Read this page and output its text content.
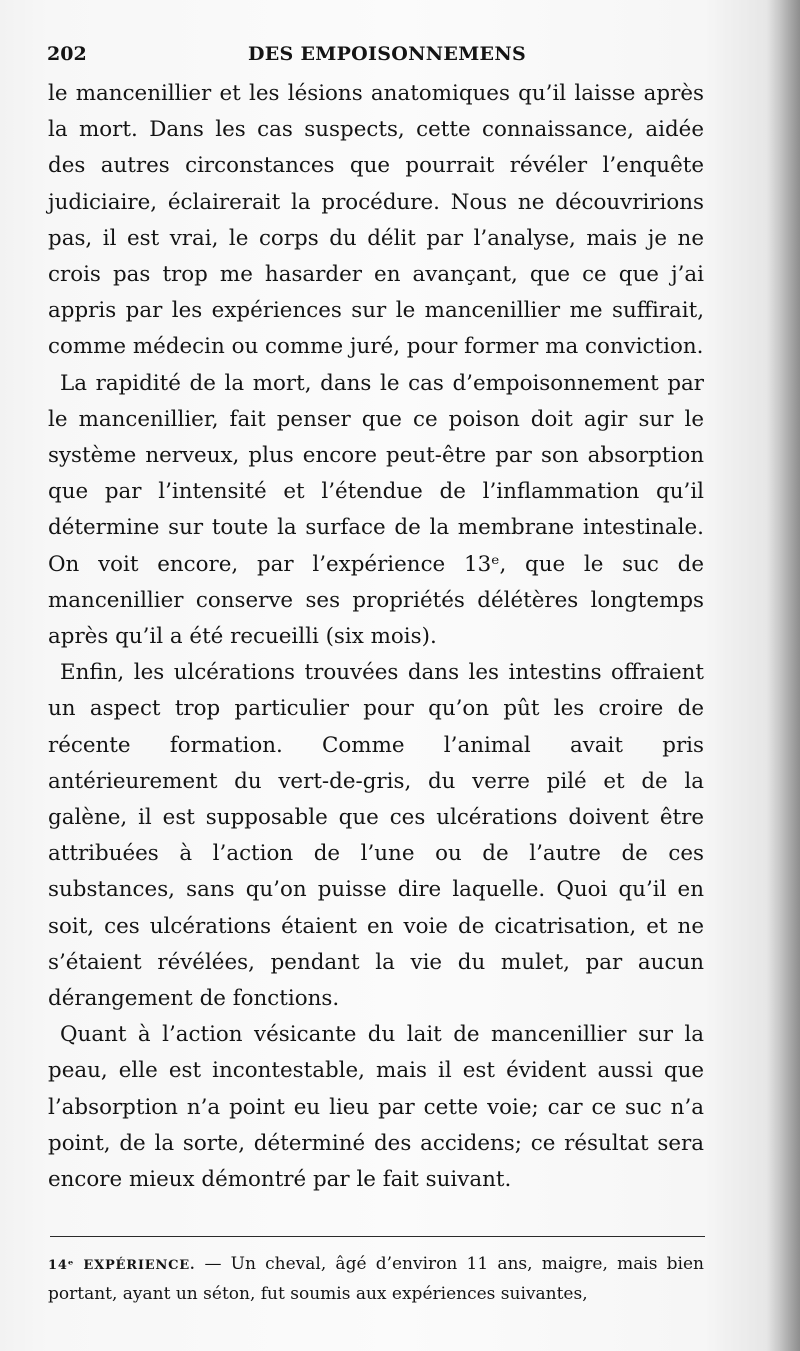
202	DES EMPOISONNEMENS

le mancenillier et les lésions anatomiques qu’il laisse après la mort. Dans les cas suspects, cette connaissance, aidée des autres circonstances que pourrait révéler l’enquête judiciaire, éclairerait la procédure. Nous ne découvririons pas, il est vrai, le corps du délit par l’analyse, mais je ne crois pas trop me hasarder en avançant, que ce que j’ai appris par les expériences sur le mancenillier me suffirait, comme médecin ou comme juré, pour former ma conviction.

La rapidité de la mort, dans le cas d’empoisonnement par le mancenillier, fait penser que ce poison doit agir sur le système nerveux, plus encore peut-être par son absorption que par l’intensité et l’étendue de l’inflammation qu’il détermine sur toute la surface de la membrane intestinale. On voit encore, par l’expérience 13ᵉ, que le suc de mancenillier conserve ses propriétés délétères longtemps après qu’il a été recueilli (six mois).

Enfin, les ulcérations trouvées dans les intestins offraient un aspect trop particulier pour qu’on pût les croire de récente formation. Comme l’animal avait pris antérieurement du vert-de-gris, du verre pilé et de la galène, il est supposable que ces ulcérations doivent être attribuées à l’action de l’une ou de l’autre de ces substances, sans qu’on puisse dire laquelle. Quoi qu’il en soit, ces ulcérations étaient en voie de cicatrisation, et ne s’étaient révélées, pendant la vie du mulet, par aucun dérangement de fonctions.

Quant à l’action vésicante du lait de mancenillier sur la peau, elle est incontestable, mais il est évident aussi que l’absorption n’a point eu lieu par cette voie; car ce suc n’a point, de la sorte, déterminé des accidens; ce résultat sera encore mieux démontré par le fait suivant.

14ᵉ EXPÉRIENCE. — Un cheval, âgé d’environ 11 ans, maigre, mais bien portant, ayant un séton, fut soumis aux expériences suivantes,
